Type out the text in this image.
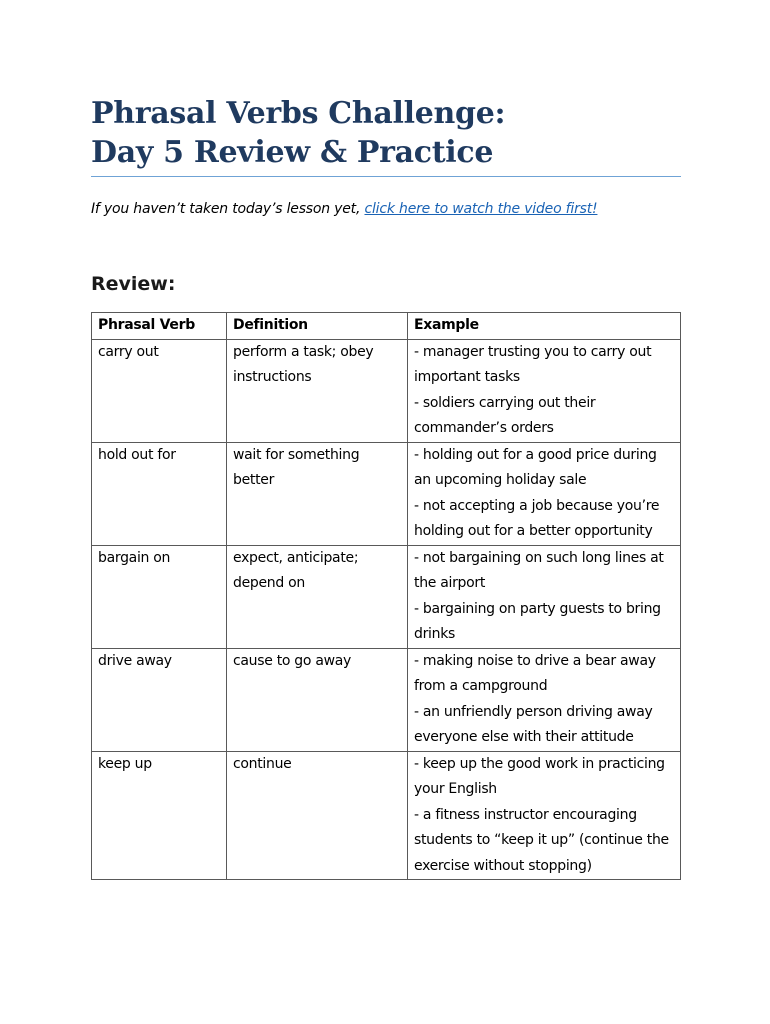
Phrasal Verbs Challenge:
Day 5 Review & Practice
If you haven’t taken today’s lesson yet, click here to watch the video first!
Review:
Phrasal Verb	Definition	Example
carry out	perform a task; obey instructions	- manager trusting you to carry out important tasks
- soldiers carrying out their commander’s orders

hold out for	wait for something better	- holding out for a good price during an upcoming holiday sale
- not accepting a job because you’re holding out for a better opportunity

bargain on	expect, anticipate; depend on	- not bargaining on such long lines at the airport
- bargaining on party guests to bring drinks

drive away	cause to go away	- making noise to drive a bear away from a campground
- an unfriendly person driving away everyone else with their attitude

keep up	continue	- keep up the good work in practicing your English
- a fitness instructor encouraging students to “keep it up” (continue the exercise without stopping)
